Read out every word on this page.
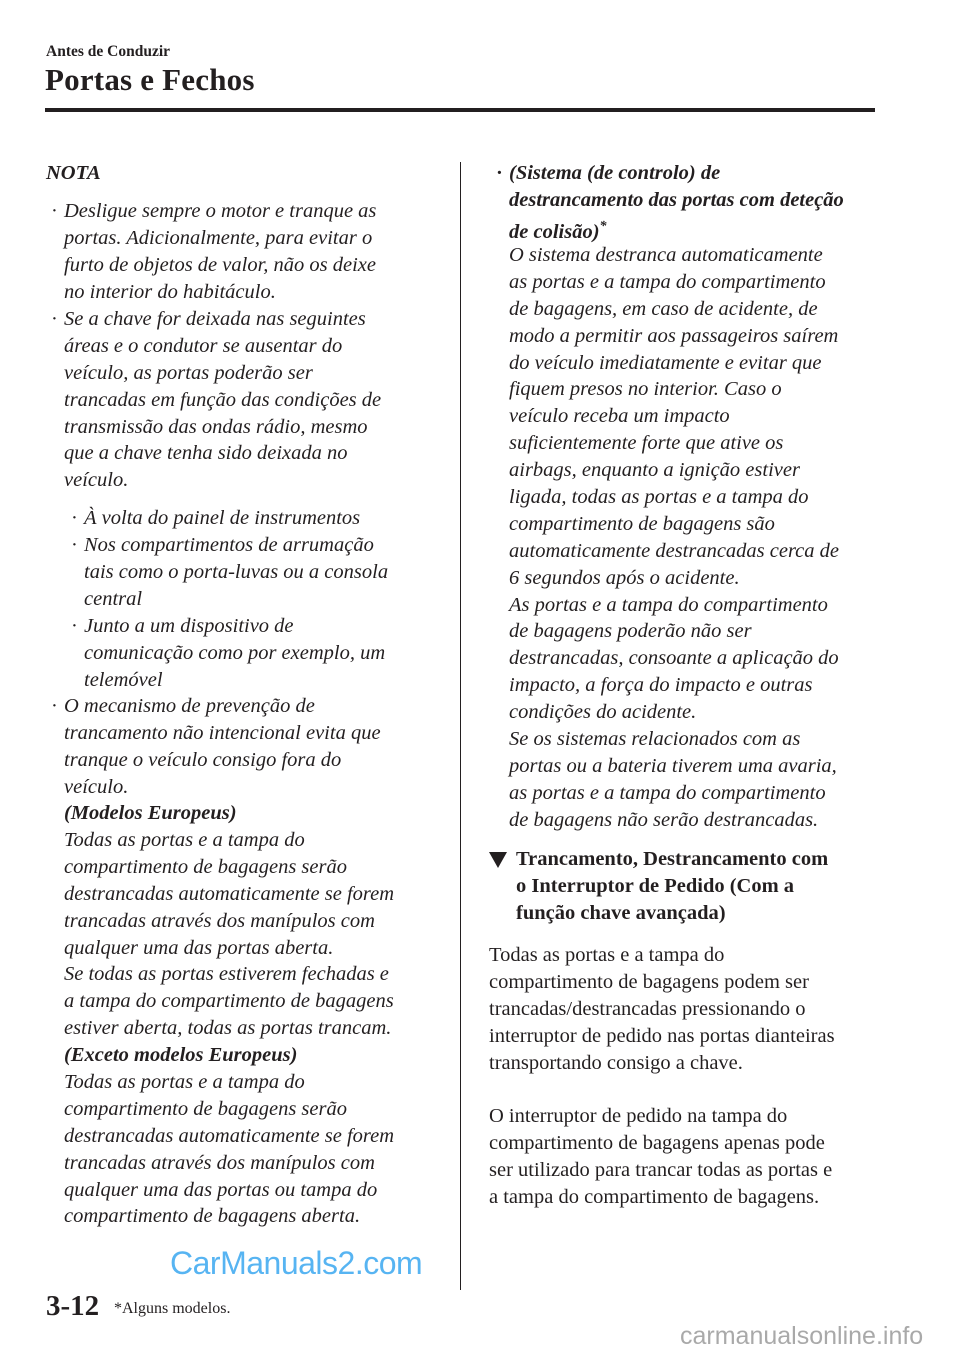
Antes de Conduzir
Portas e Fechos
NOTA
· Desligue sempre o motor e tranque as
portas. Adicionalmente, para evitar o
furto de objetos de valor, não os deixe
no interior do habitáculo.
· Se a chave for deixada nas seguintes
áreas e o condutor se ausentar do
veículo, as portas poderão ser
trancadas em função das condições de
transmissão das ondas rádio, mesmo
que a chave tenha sido deixada no
veículo.
· À volta do painel de instrumentos
· Nos compartimentos de arrumação
tais como o porta-luvas ou a consola
central
· Junto a um dispositivo de
comunicação como por exemplo, um
telemóvel
· O mecanismo de prevenção de
trancamento não intencional evita que
tranque o veículo consigo fora do
veículo.
(Modelos Europeus)
Todas as portas e a tampa do
compartimento de bagagens serão
destrancadas automaticamente se forem
trancadas através dos manípulos com
qualquer uma das portas aberta.
Se todas as portas estiverem fechadas e
a tampa do compartimento de bagagens
estiver aberta, todas as portas trancam.
(Exceto modelos Europeus)
Todas as portas e a tampa do
compartimento de bagagens serão
destrancadas automaticamente se forem
trancadas através dos manípulos com
qualquer uma das portas ou tampa do
compartimento de bagagens aberta.
· (Sistema (de controlo) de
destrancamento das portas com deteção
de colisão)*
O sistema destranca automaticamente
as portas e a tampa do compartimento
de bagagens, em caso de acidente, de
modo a permitir aos passageiros saírem
do veículo imediatamente e evitar que
fiquem presos no interior. Caso o
veículo receba um impacto
suficientemente forte que ative os
airbags, enquanto a ignição estiver
ligada, todas as portas e a tampa do
compartimento de bagagens são
automaticamente destrancadas cerca de
6 segundos após o acidente.
As portas e a tampa do compartimento
de bagagens poderão não ser
destrancadas, consoante a aplicação do
impacto, a força do impacto e outras
condições do acidente.
Se os sistemas relacionados com as
portas ou a bateria tiverem uma avaria,
as portas e a tampa do compartimento
de bagagens não serão destrancadas.
Trancamento, Destrancamento com
o Interruptor de Pedido (Com a
função chave avançada)
Todas as portas e a tampa do
compartimento de bagagens podem ser
trancadas/destrancadas pressionando o
interruptor de pedido nas portas dianteiras
transportando consigo a chave.
O interruptor de pedido na tampa do
compartimento de bagagens apenas pode
ser utilizado para trancar todas as portas e
a tampa do compartimento de bagagens.
3-12 *Alguns modelos.
CarManuals2.com
carmanualsonline.info
